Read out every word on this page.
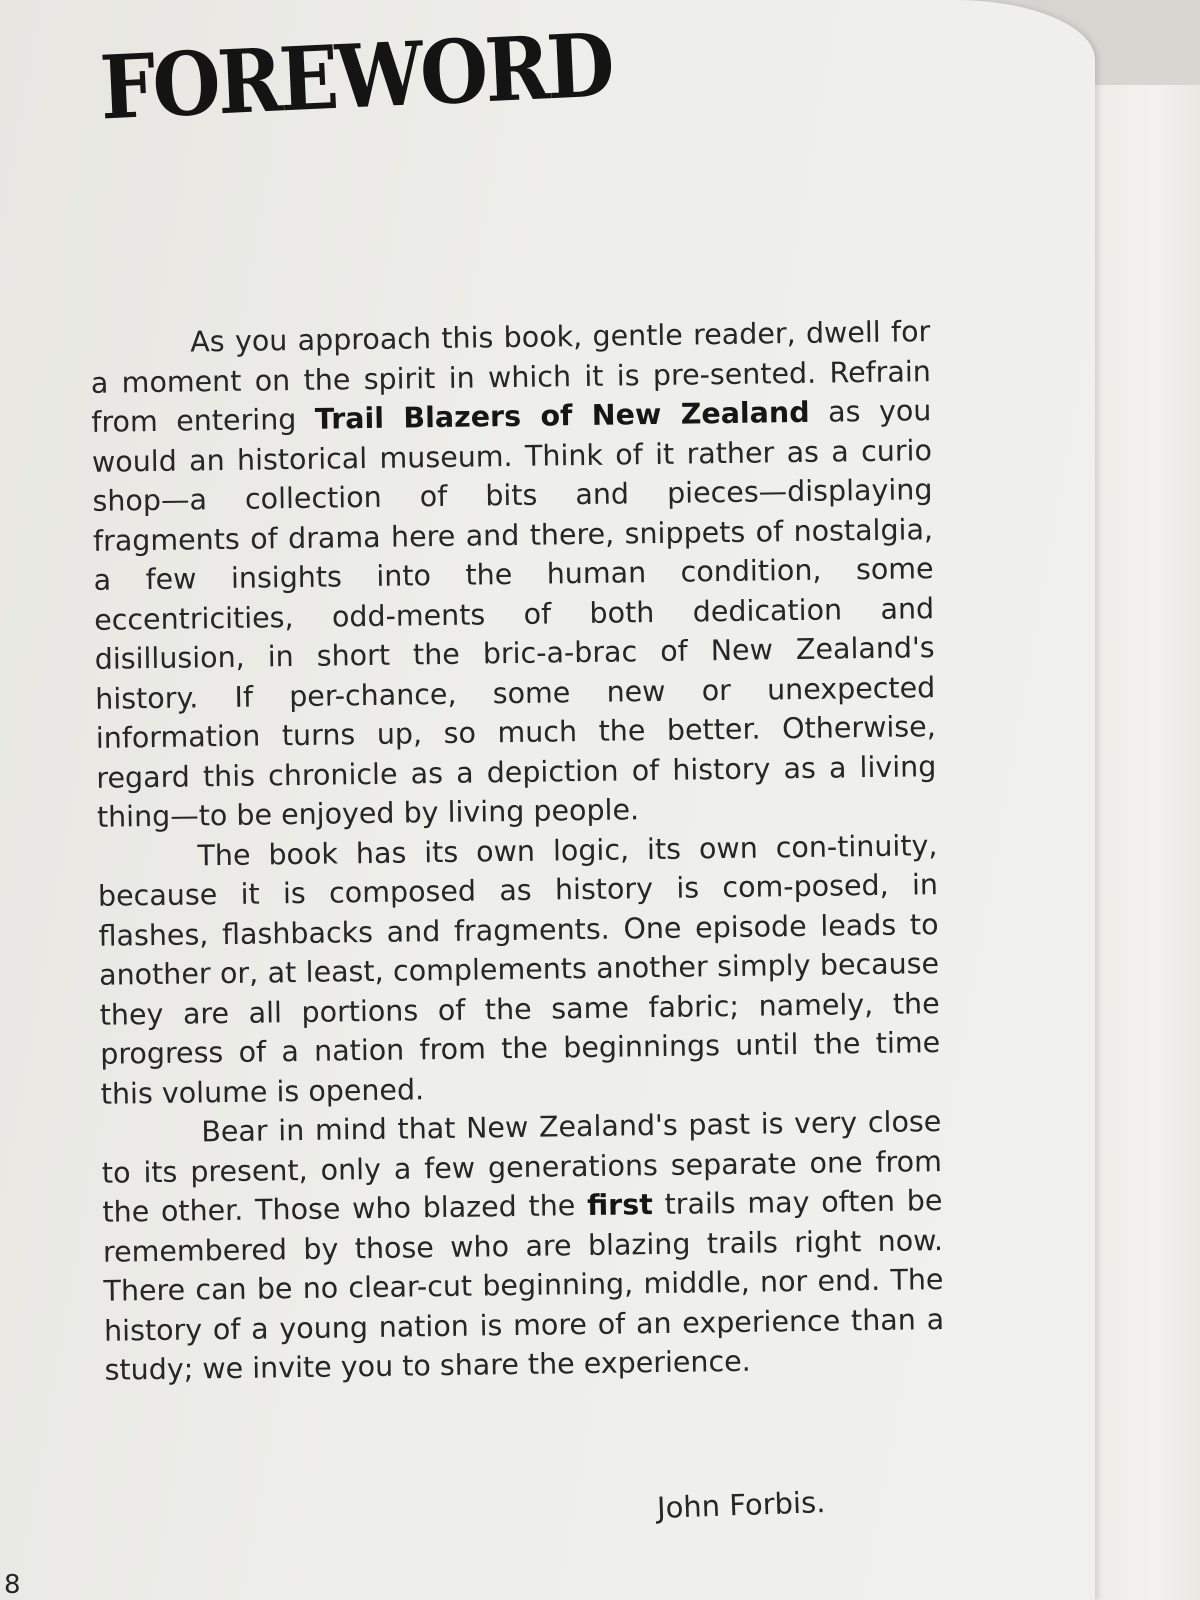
FOREWORD

As you approach this book, gentle reader, dwell for a moment on the spirit in which it is pre-sented. Refrain from entering Trail Blazers of New Zealand as you would an historical museum. Think of it rather as a curio shop—a collection of bits and pieces—displaying fragments of drama here and there, snippets of nostalgia, a few insights into the human condition, some eccentricities, odd-ments of both dedication and disillusion, in short the bric-a-brac of New Zealand's history. If per-chance, some new or unexpected information turns up, so much the better. Otherwise, regard this chronicle as a depiction of history as a living thing—to be enjoyed by living people.

The book has its own logic, its own con-tinuity, because it is composed as history is com-posed, in flashes, flashbacks and fragments. One episode leads to another or, at least, complements another simply because they are all portions of the same fabric; namely, the progress of a nation from the beginnings until the time this volume is opened.

Bear in mind that New Zealand's past is very close to its present, only a few generations separate one from the other. Those who blazed the first trails may often be remembered by those who are blazing trails right now. There can be no clear-cut beginning, middle, nor end. The history of a young nation is more of an experience than a study; we invite you to share the experience.

John Forbis.
8
